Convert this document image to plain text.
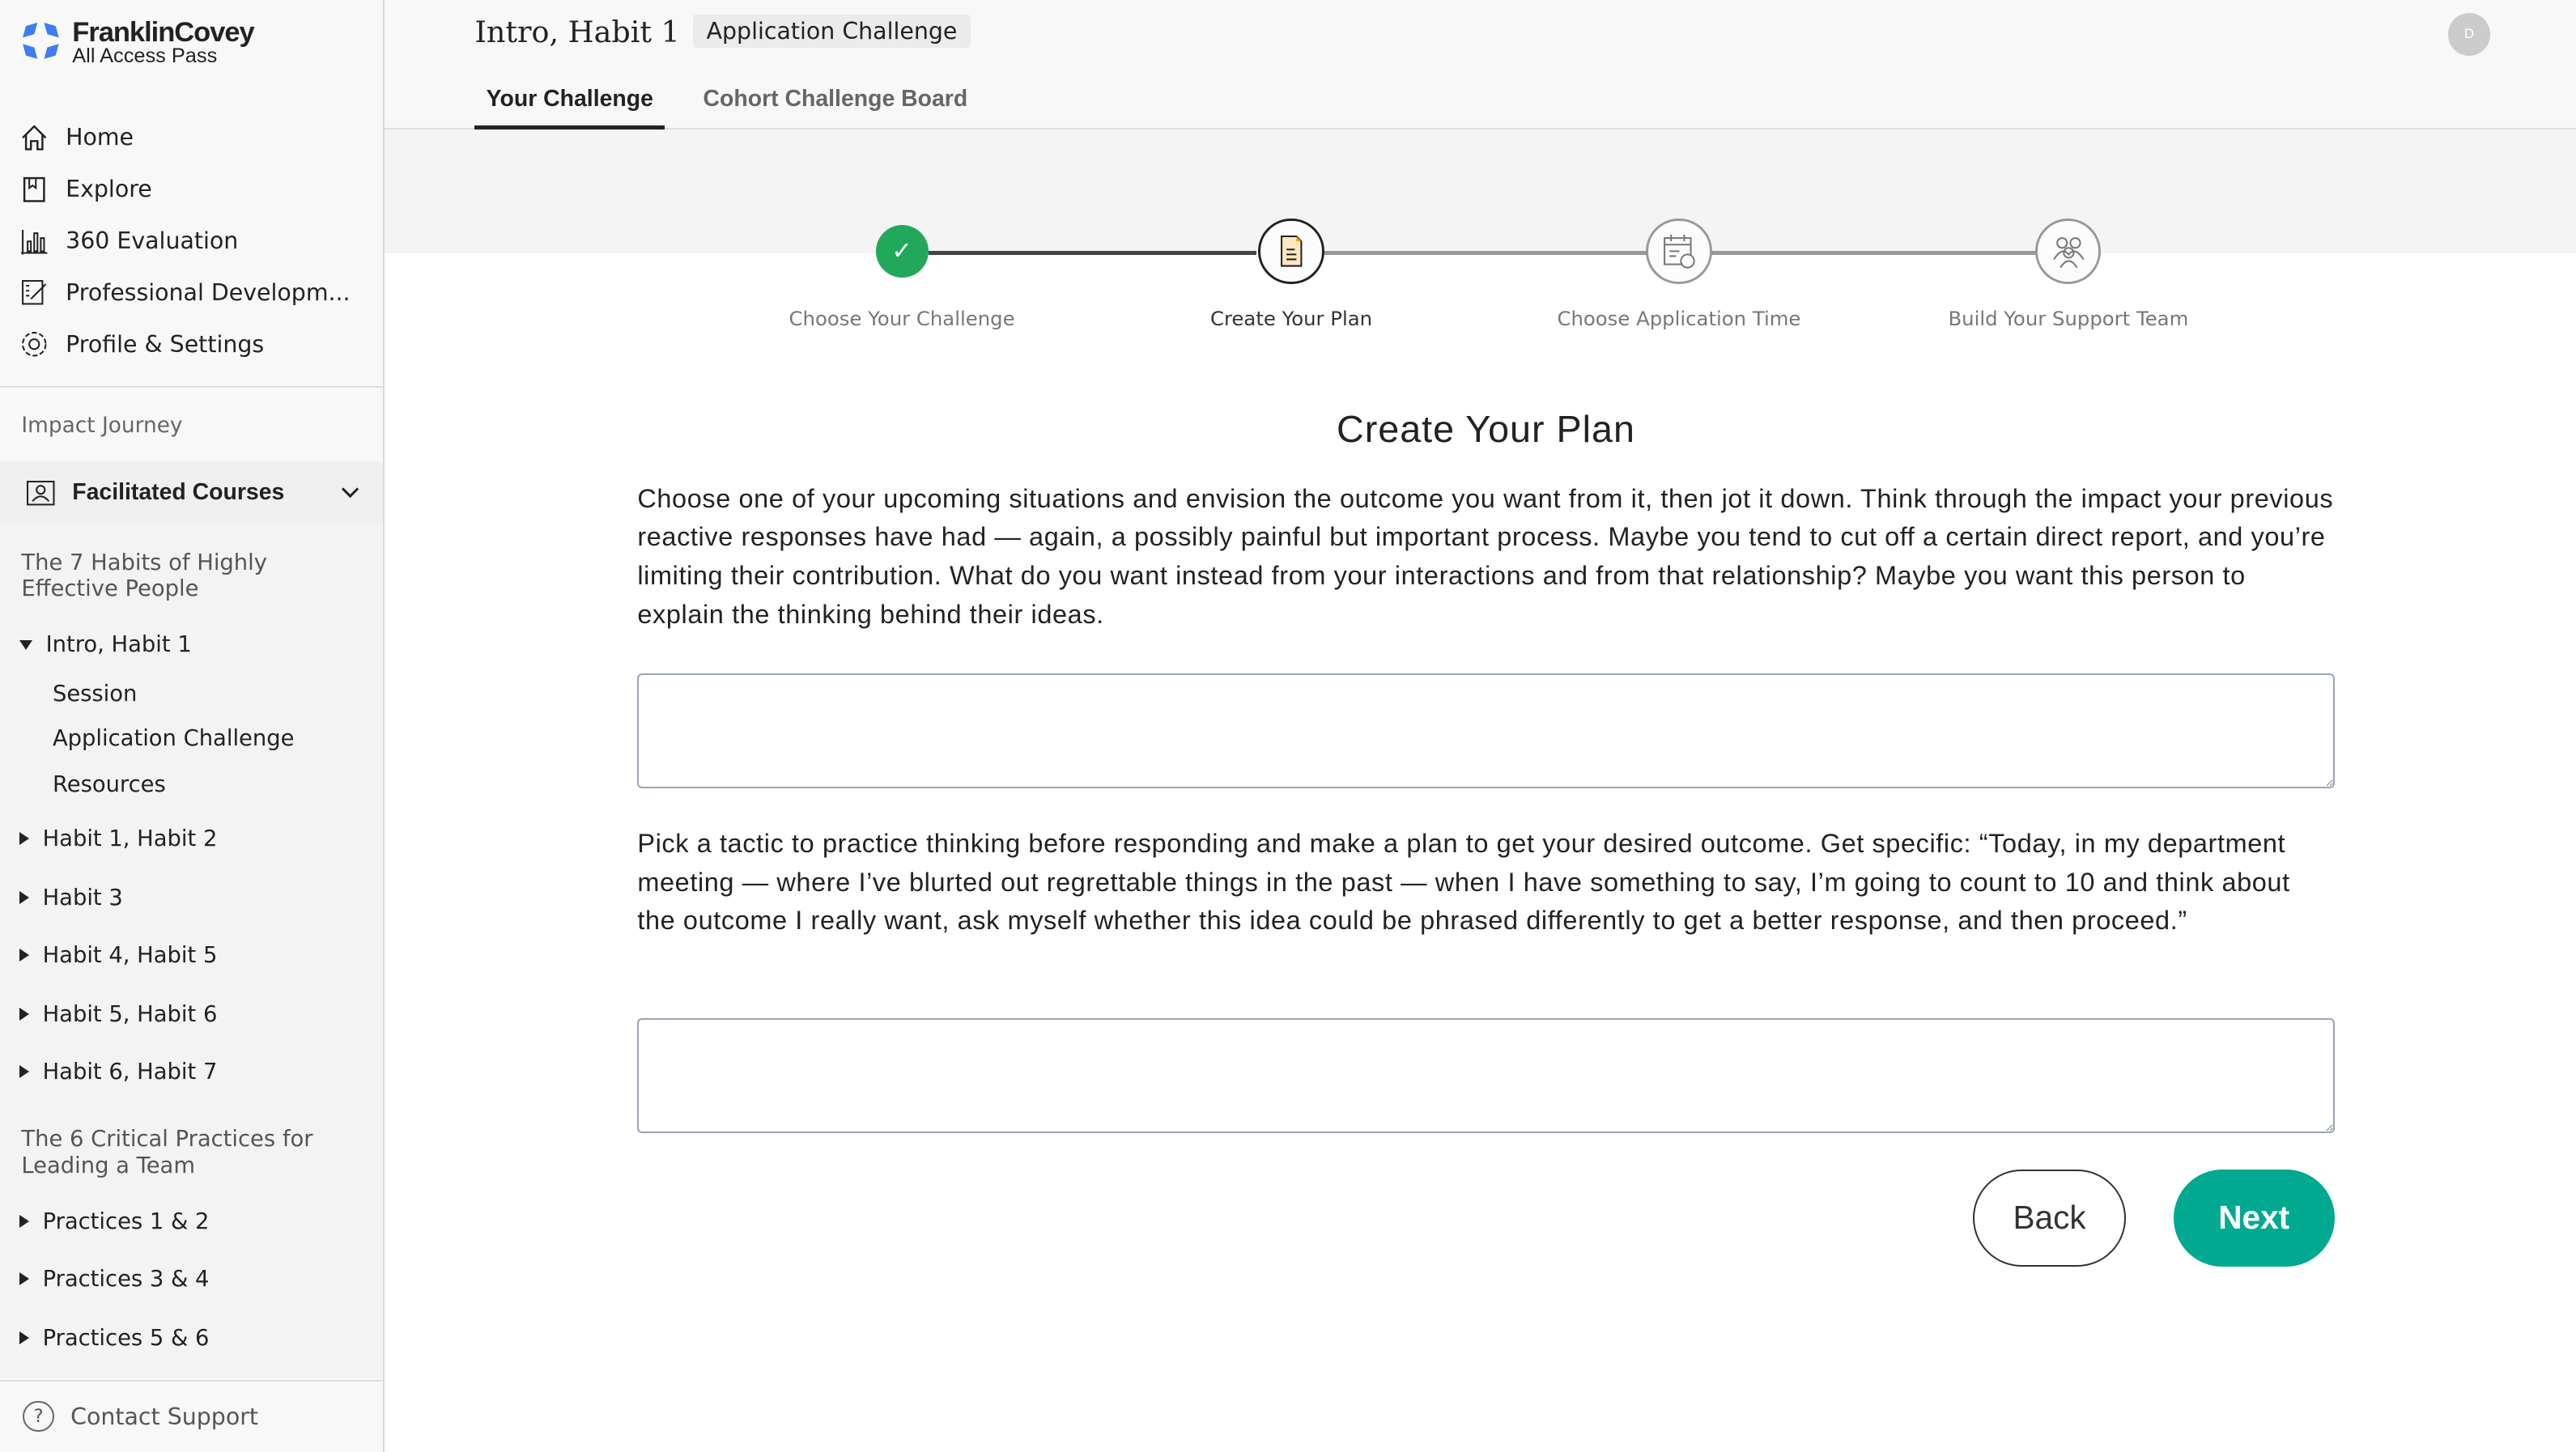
FranklinCovey
All Access Pass
Home
Explore
360 Evaluation
Professional Developm...
Profile & Settings
Impact Journey
Facilitated Courses
The 7 Habits of Highly Effective People
Intro, Habit 1
Session
Application Challenge
Resources
Habit 1, Habit 2
Habit 3
Habit 4, Habit 5
Habit 5, Habit 6
Habit 6, Habit 7
The 6 Critical Practices for Leading a Team
Practices 1 & 2
Practices 3 & 4
Practices 5 & 6
?	Contact Support
Intro, Habit 1	Application Challenge	D
Your Challenge	Cohort Challenge Board
✓
Choose Your Challenge	Create Your Plan	Choose Application Time	Build Your Support Team
Create Your Plan
Choose one of your upcoming situations and envision the outcome you want from it, then jot it down. Think through the impact your previous reactive responses have had — again, a possibly painful but important process. Maybe you tend to cut off a certain direct report, and you’re limiting their contribution. What do you want instead from your interactions and from that relationship? Maybe you want this person to explain the thinking behind their ideas.
Pick a tactic to practice thinking before responding and make a plan to get your desired outcome. Get specific: “Today, in my department meeting — where I’ve blurted out regrettable things in the past — when I have something to say, I’m going to count to 10 and think about the outcome I really want, ask myself whether this idea could be phrased differently to get a better response, and then proceed.”
Back	Next
